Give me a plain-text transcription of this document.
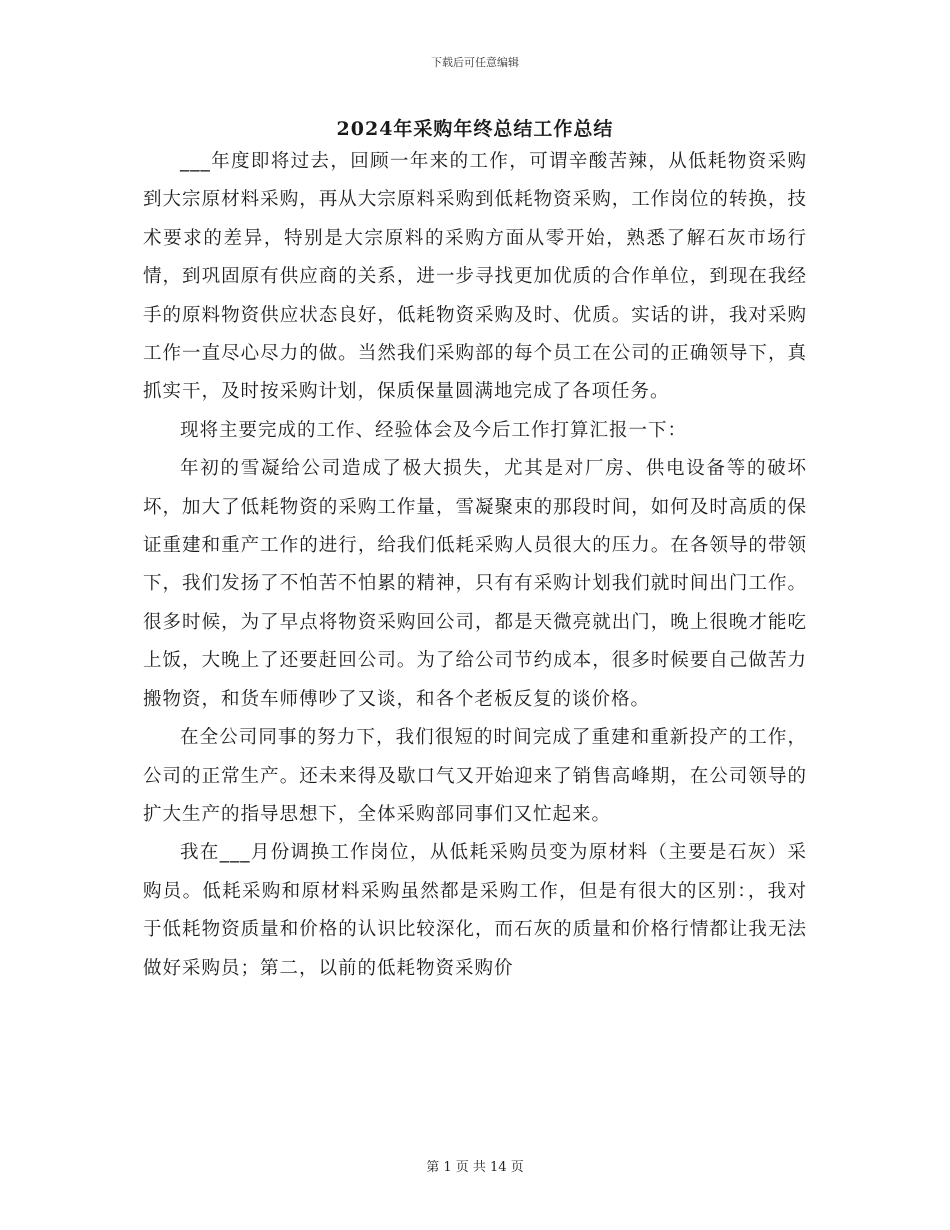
下载后可任意编辑
2024年采购年终总结工作总结

___年度即将过去，回顾一年来的工作，可谓辛酸苦辣，从低耗物资采购到大宗原材料采购，再从大宗原料采购到低耗物资采购，工作岗位的转换，技术要求的差异，特别是大宗原料的采购方面从零开始，熟悉了解石灰市场行情，到巩固原有供应商的关系，进一步寻找更加优质的合作单位，到现在我经手的原料物资供应状态良好，低耗物资采购及时、优质。实话的讲，我对采购工作一直尽心尽力的做。当然我们采购部的每个员工在公司的正确领导下，真抓实干，及时按采购计划，保质保量圆满地完成了各项任务。

现将主要完成的工作、经验体会及今后工作打算汇报一下：

年初的雪凝给公司造成了极大损失，尤其是对厂房、供电设备等的破坏坏，加大了低耗物资的采购工作量，雪凝聚束的那段时间，如何及时高质的保证重建和重产工作的进行，给我们低耗采购人员很大的压力。在各领导的带领下，我们发扬了不怕苦不怕累的精神，只有有采购计划我们就时间出门工作。很多时候，为了早点将物资采购回公司，都是天微亮就出门，晚上很晚才能吃上饭，大晚上了还要赶回公司。为了给公司节约成本，很多时候要自己做苦力搬物资，和货车师傅吵了又谈，和各个老板反复的谈价格。

在全公司同事的努力下，我们很短的时间完成了重建和重新投产的工作，公司的正常生产。还未来得及歇口气又开始迎来了销售高峰期，在公司领导的扩大生产的指导思想下，全体采购部同事们又忙起来。

我在___月份调换工作岗位，从低耗采购员变为原材料（主要是石灰）采购员。低耗采购和原材料采购虽然都是采购工作，但是有很大的区别：，我对于低耗物资质量和价格的认识比较深化，而石灰的质量和价格行情都让我无法做好采购员；第二，以前的低耗物资采购价

第 1 页 共 14 页
